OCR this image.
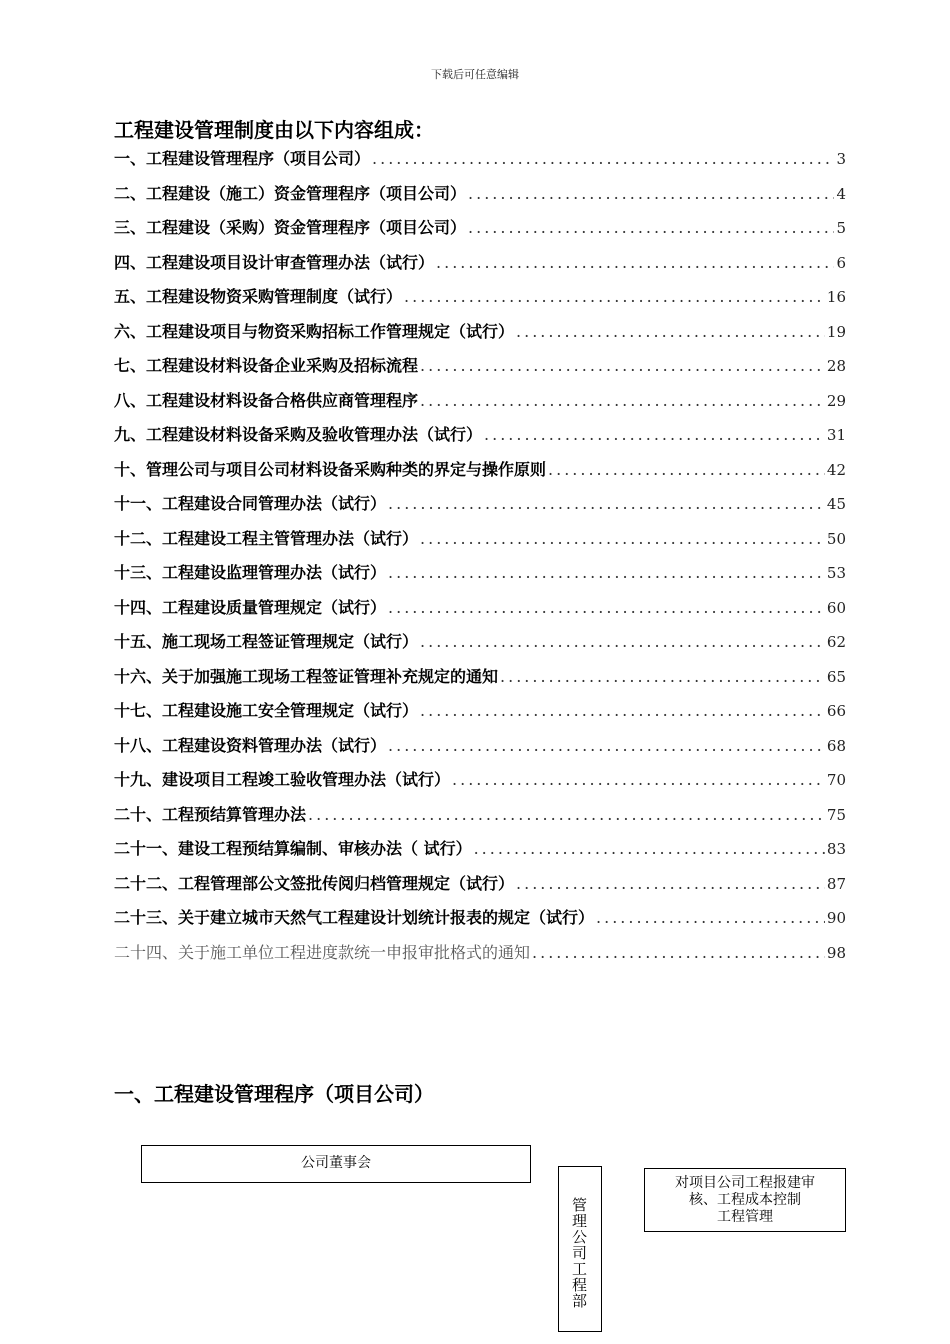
下载后可任意编辑
工程建设管理制度由以下内容组成：
一、工程建设管理程序（项目公司） .....	3
二、工程建设（施工）资金管理程序（项目公司） .....	4
三、工程建设（采购）资金管理程序（项目公司） .....	5
四、工程建设项目设计审查管理办法（试行） .....	6
五、工程建设物资采购管理制度（试行） .....	16
六、工程建设项目与物资采购招标工作管理规定（试行） .....	19
七、工程建设材料设备企业采购及招标流程 .....	28
八、工程建设材料设备合格供应商管理程序 .....	29
九、工程建设材料设备采购及验收管理办法（试行） .....	31
十、管理公司与项目公司材料设备采购种类的界定与操作原则 .....	42
十一、工程建设合同管理办法（试行） .....	45
十二、工程建设工程主管管理办法（试行） .....	50
十三、工程建设监理管理办法（试行） .....	53
十四、工程建设质量管理规定（试行） .....	60
十五、施工现场工程签证管理规定（试行） .....	62
十六、关于加强施工现场工程签证管理补充规定的通知 .....	65
十七、工程建设施工安全管理规定（试行） .....	66
十八、工程建设资料管理办法（试行） .....	68
十九、建设项目工程竣工验收管理办法（试行） .....	70
二十、工程预结算管理办法 .....	75
二十一、建设工程预结算编制、审核办法（ 试行） .....	83
二十二、工程管理部公文签批传阅归档管理规定（试行） .....	87
二十三、关于建立城市天然气工程建设计划统计报表的规定（试行） .....	90
二十四、关于施工单位工程进度款统一申报审批格式的通知 .....	98
一、工程建设管理程序（项目公司）
公司董事会
管理公司工程部
对项目公司工程报建审
核、工程成本控制
工程管理
